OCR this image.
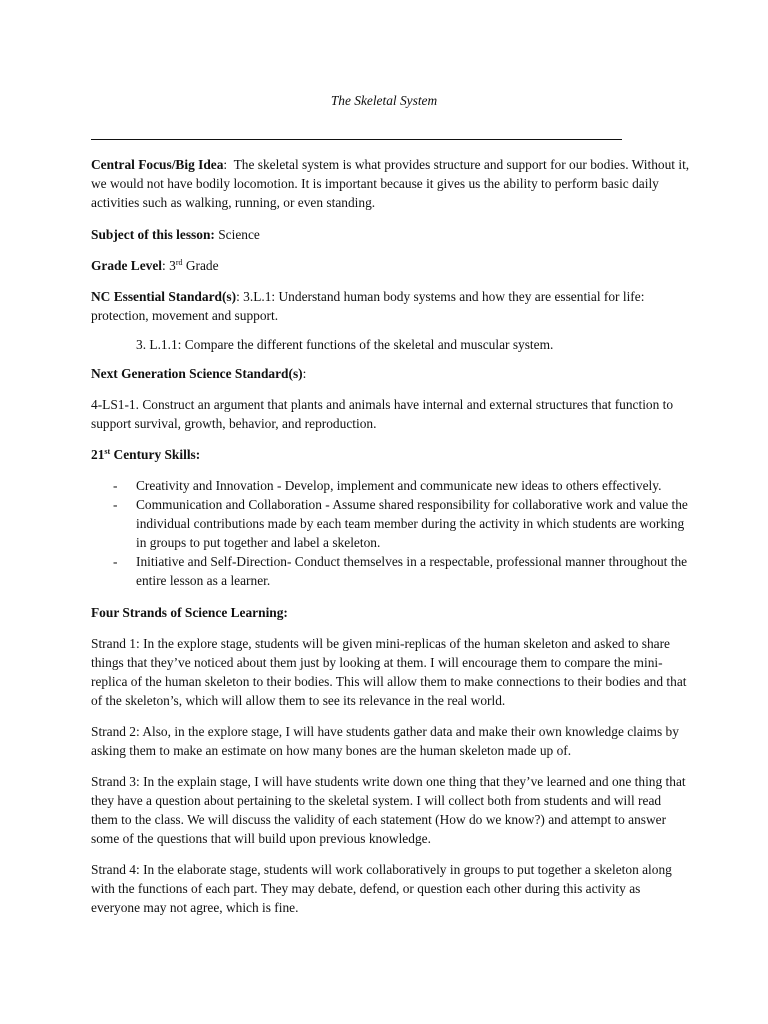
The Skeletal System

Central Focus/Big Idea:  The skeletal system is what provides structure and support for our bodies. Without it, we would not have bodily locomotion. It is important because it gives us the ability to perform basic daily activities such as walking, running, or even standing.

Subject of this lesson: Science

Grade Level: 3rd Grade

NC Essential Standard(s): 3.L.1: Understand human body systems and how they are essential for life: protection, movement and support.

3. L.1.1: Compare the different functions of the skeletal and muscular system.

Next Generation Science Standard(s):

4-LS1-1. Construct an argument that plants and animals have internal and external structures that function to support survival, growth, behavior, and reproduction.

21st Century Skills:

- Creativity and Innovation - Develop, implement and communicate new ideas to others effectively.
- Communication and Collaboration - Assume shared responsibility for collaborative work and value the individual contributions made by each team member during the activity in which students are working in groups to put together and label a skeleton.
- Initiative and Self-Direction- Conduct themselves in a respectable, professional manner throughout the entire lesson as a learner.

Four Strands of Science Learning:

Strand 1: In the explore stage, students will be given mini-replicas of the human skeleton and asked to share things that they’ve noticed about them just by looking at them. I will encourage them to compare the mini-replica of the human skeleton to their bodies. This will allow them to make connections to their bodies and that of the skeleton’s, which will allow them to see its relevance in the real world.

Strand 2: Also, in the explore stage, I will have students gather data and make their own knowledge claims by asking them to make an estimate on how many bones are the human skeleton made up of.

Strand 3: In the explain stage, I will have students write down one thing that they’ve learned and one thing that they have a question about pertaining to the skeletal system. I will collect both from students and will read them to the class. We will discuss the validity of each statement (How do we know?) and attempt to answer some of the questions that will build upon previous knowledge.

Strand 4: In the elaborate stage, students will work collaboratively in groups to put together a skeleton along with the functions of each part. They may debate, defend, or question each other during this activity as everyone may not agree, which is fine.
